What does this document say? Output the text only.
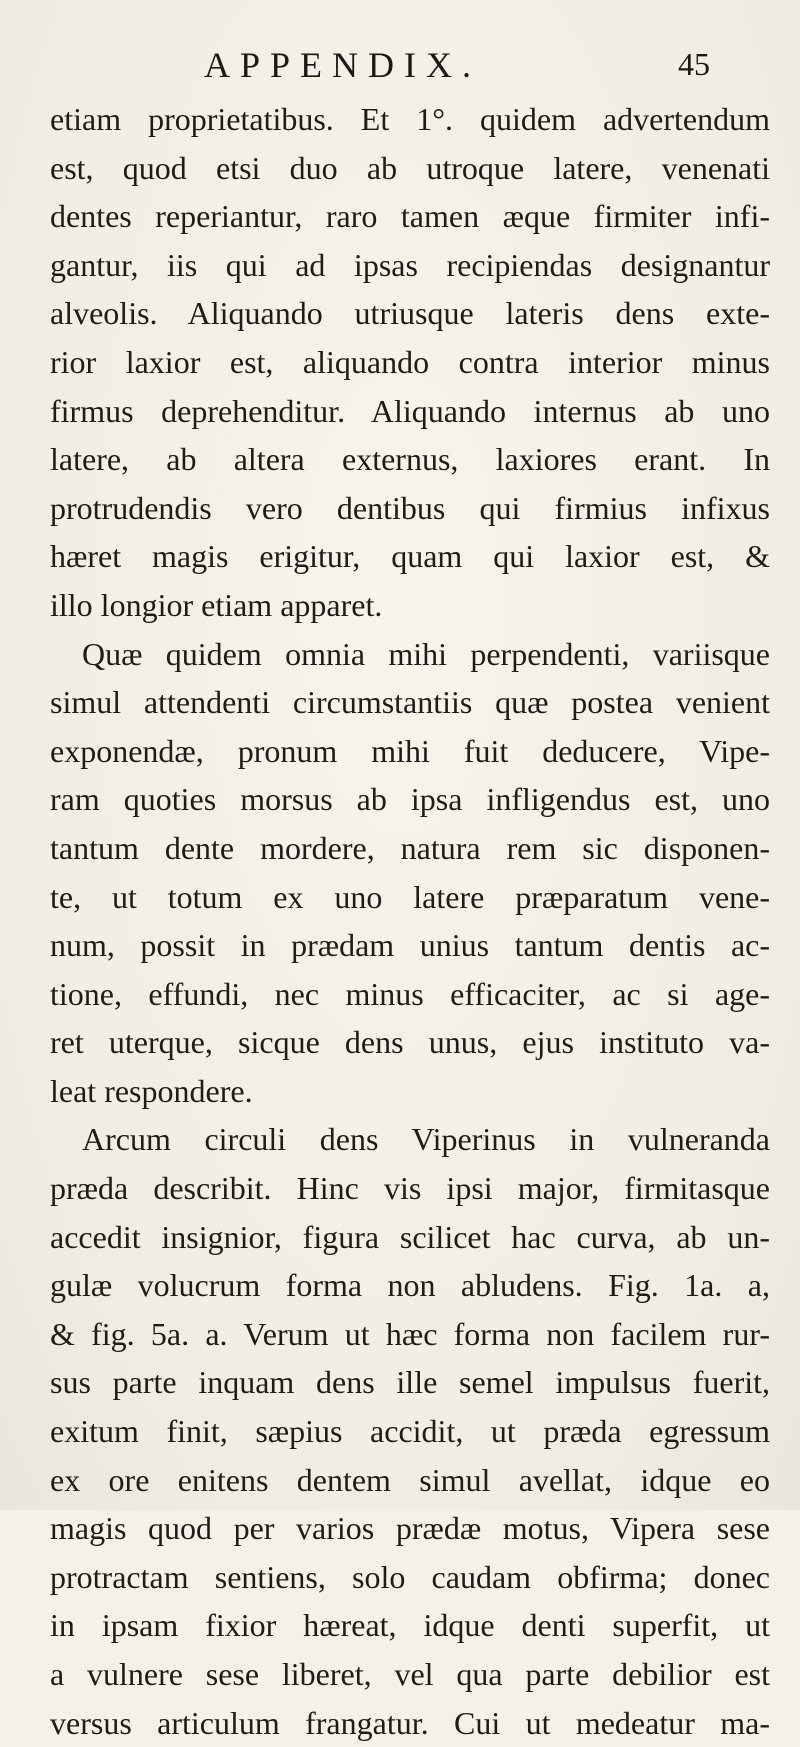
APPENDIX.	45
etiam proprietatibus. Et 1°. quidem advertendum
est, quod etsi duo ab utroque latere, venenati
dentes reperiantur, raro tamen æque firmiter infi-
gantur, iis qui ad ipsas recipiendas designantur
alveolis. Aliquando utriusque lateris dens exte-
rior laxior est, aliquando contra interior minus
firmus deprehenditur. Aliquando internus ab uno
latere, ab altera externus, laxiores erant. In
protrudendis vero dentibus qui firmius infixus
hæret magis erigitur, quam qui laxior est, &
illo longior etiam apparet.
Quæ quidem omnia mihi perpendenti, variisque
simul attendenti circumstantiis quæ postea venient
exponendæ, pronum mihi fuit deducere, Vipe-
ram quoties morsus ab ipsa infligendus est, uno
tantum dente mordere, natura rem sic disponen-
te, ut totum ex uno latere præparatum vene-
num, possit in prædam unius tantum dentis ac-
tione, effundi, nec minus efficaciter, ac si age-
ret uterque, sicque dens unus, ejus instituto va-
leat respondere.
Arcum circuli dens Viperinus in vulneranda
præda describit. Hinc vis ipsi major, firmitasque
accedit insignior, figura scilicet hac curva, ab un-
gulæ volucrum forma non abludens. Fig. 1a. a,
& fig. 5a. a. Verum ut hæc forma non facilem rur-
sus parte inquam dens ille semel impulsus fuerit,
exitum finit, sæpius accidit, ut præda egressum
ex ore enitens dentem simul avellat, idque eo
magis quod per varios prædæ motus, Vipera sese
protractam sentiens, solo caudam obfirma; donec
in ipsam fixior hæreat, idque denti superfit, ut
a vulnere sese liberet, vel qua parte debilior est
versus articulum frangatur. Cui ut medeatur ma-
